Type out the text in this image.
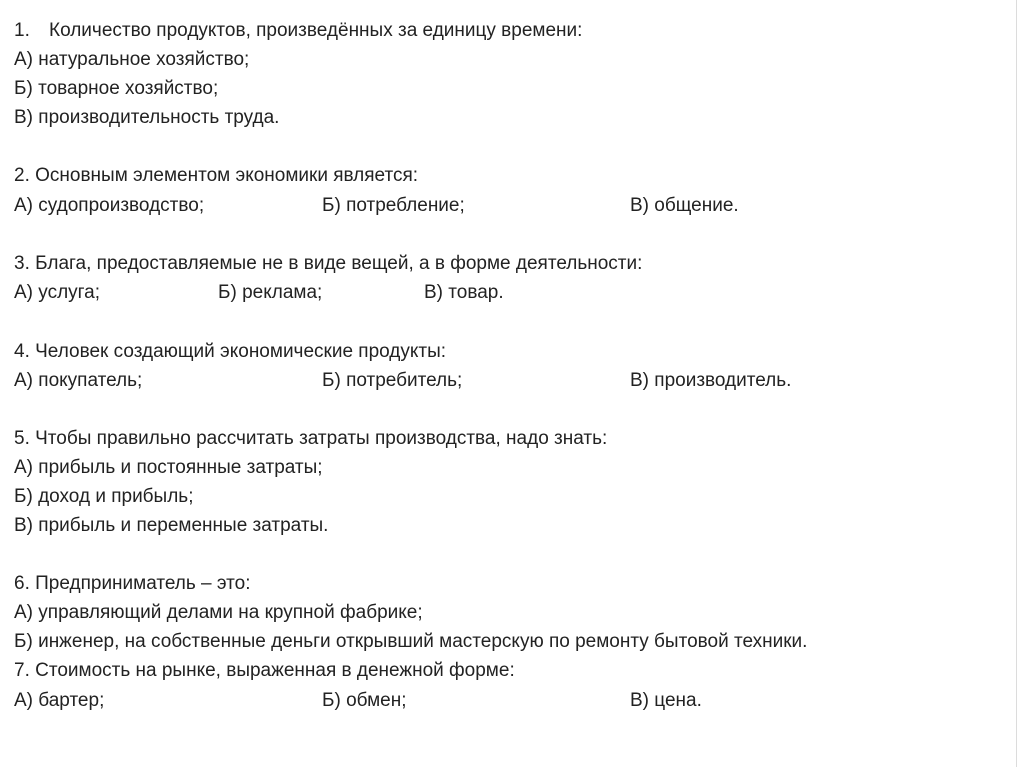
1. Количество продуктов, произведённых за единицу времени:
А) натуральное хозяйство;
Б) товарное хозяйство;
В) производительность труда.
2. Основным элементом экономики является:
А) судопроизводство;	Б) потребление;	В) общение.
3. Блага, предоставляемые не в виде вещей, а в форме деятельности:
А) услуга;	Б) реклама;	В) товар.
4. Человек создающий экономические продукты:
А) покупатель;	Б) потребитель;	В) производитель.
5. Чтобы правильно рассчитать затраты производства, надо знать:
А) прибыль и постоянные затраты;
Б) доход и прибыль;
В) прибыль и переменные затраты.
6. Предприниматель – это:
А) управляющий делами на крупной фабрике;
Б) инженер, на собственные деньги открывший мастерскую по ремонту бытовой техники.
7. Стоимость на рынке, выраженная в денежной форме:
А) бартер;	Б) обмен;	В) цена.
